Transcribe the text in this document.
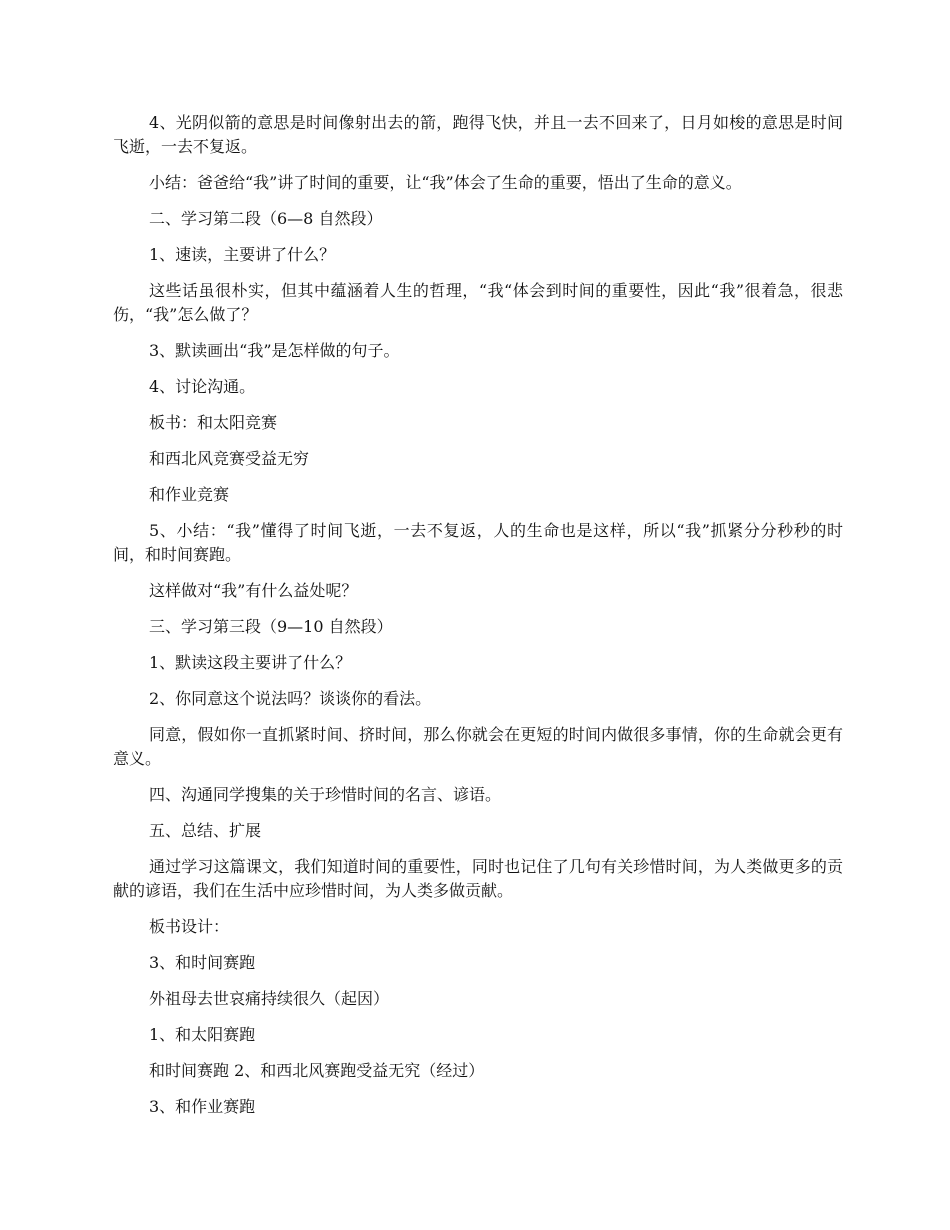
4、光阴似箭的意思是时间像射出去的箭，跑得飞快，并且一去不回来了，日月如梭的意思是时间飞逝，一去不复返。

小结：爸爸给“我”讲了时间的重要，让“我”体会了生命的重要，悟出了生命的意义。

二、学习第二段（6—8 自然段）

1、速读，主要讲了什么？

这些话虽很朴实，但其中蕴涵着人生的哲理，“我“体会到时间的重要性，因此“我”很着急，很悲伤，“我”怎么做了？

3、默读画出“我”是怎样做的句子。

4、讨论沟通。

板书：和太阳竞赛

和西北风竞赛受益无穷

和作业竞赛

5、小结：“我”懂得了时间飞逝，一去不复返，人的生命也是这样，所以“我”抓紧分分秒秒的时间，和时间赛跑。

这样做对“我”有什么益处呢？

三、学习第三段（9—10 自然段）

1、默读这段主要讲了什么？

2、你同意这个说法吗？谈谈你的看法。

同意，假如你一直抓紧时间、挤时间，那么你就会在更短的时间内做很多事情，你的生命就会更有意义。

四、沟通同学搜集的关于珍惜时间的名言、谚语。

五、总结、扩展

通过学习这篇课文，我们知道时间的重要性，同时也记住了几句有关珍惜时间，为人类做更多的贡献的谚语，我们在生活中应珍惜时间，为人类多做贡献。

板书设计：

3、和时间赛跑

外祖母去世哀痛持续很久（起因）

1、和太阳赛跑

和时间赛跑 2、和西北风赛跑受益无究（经过）

3、和作业赛跑
